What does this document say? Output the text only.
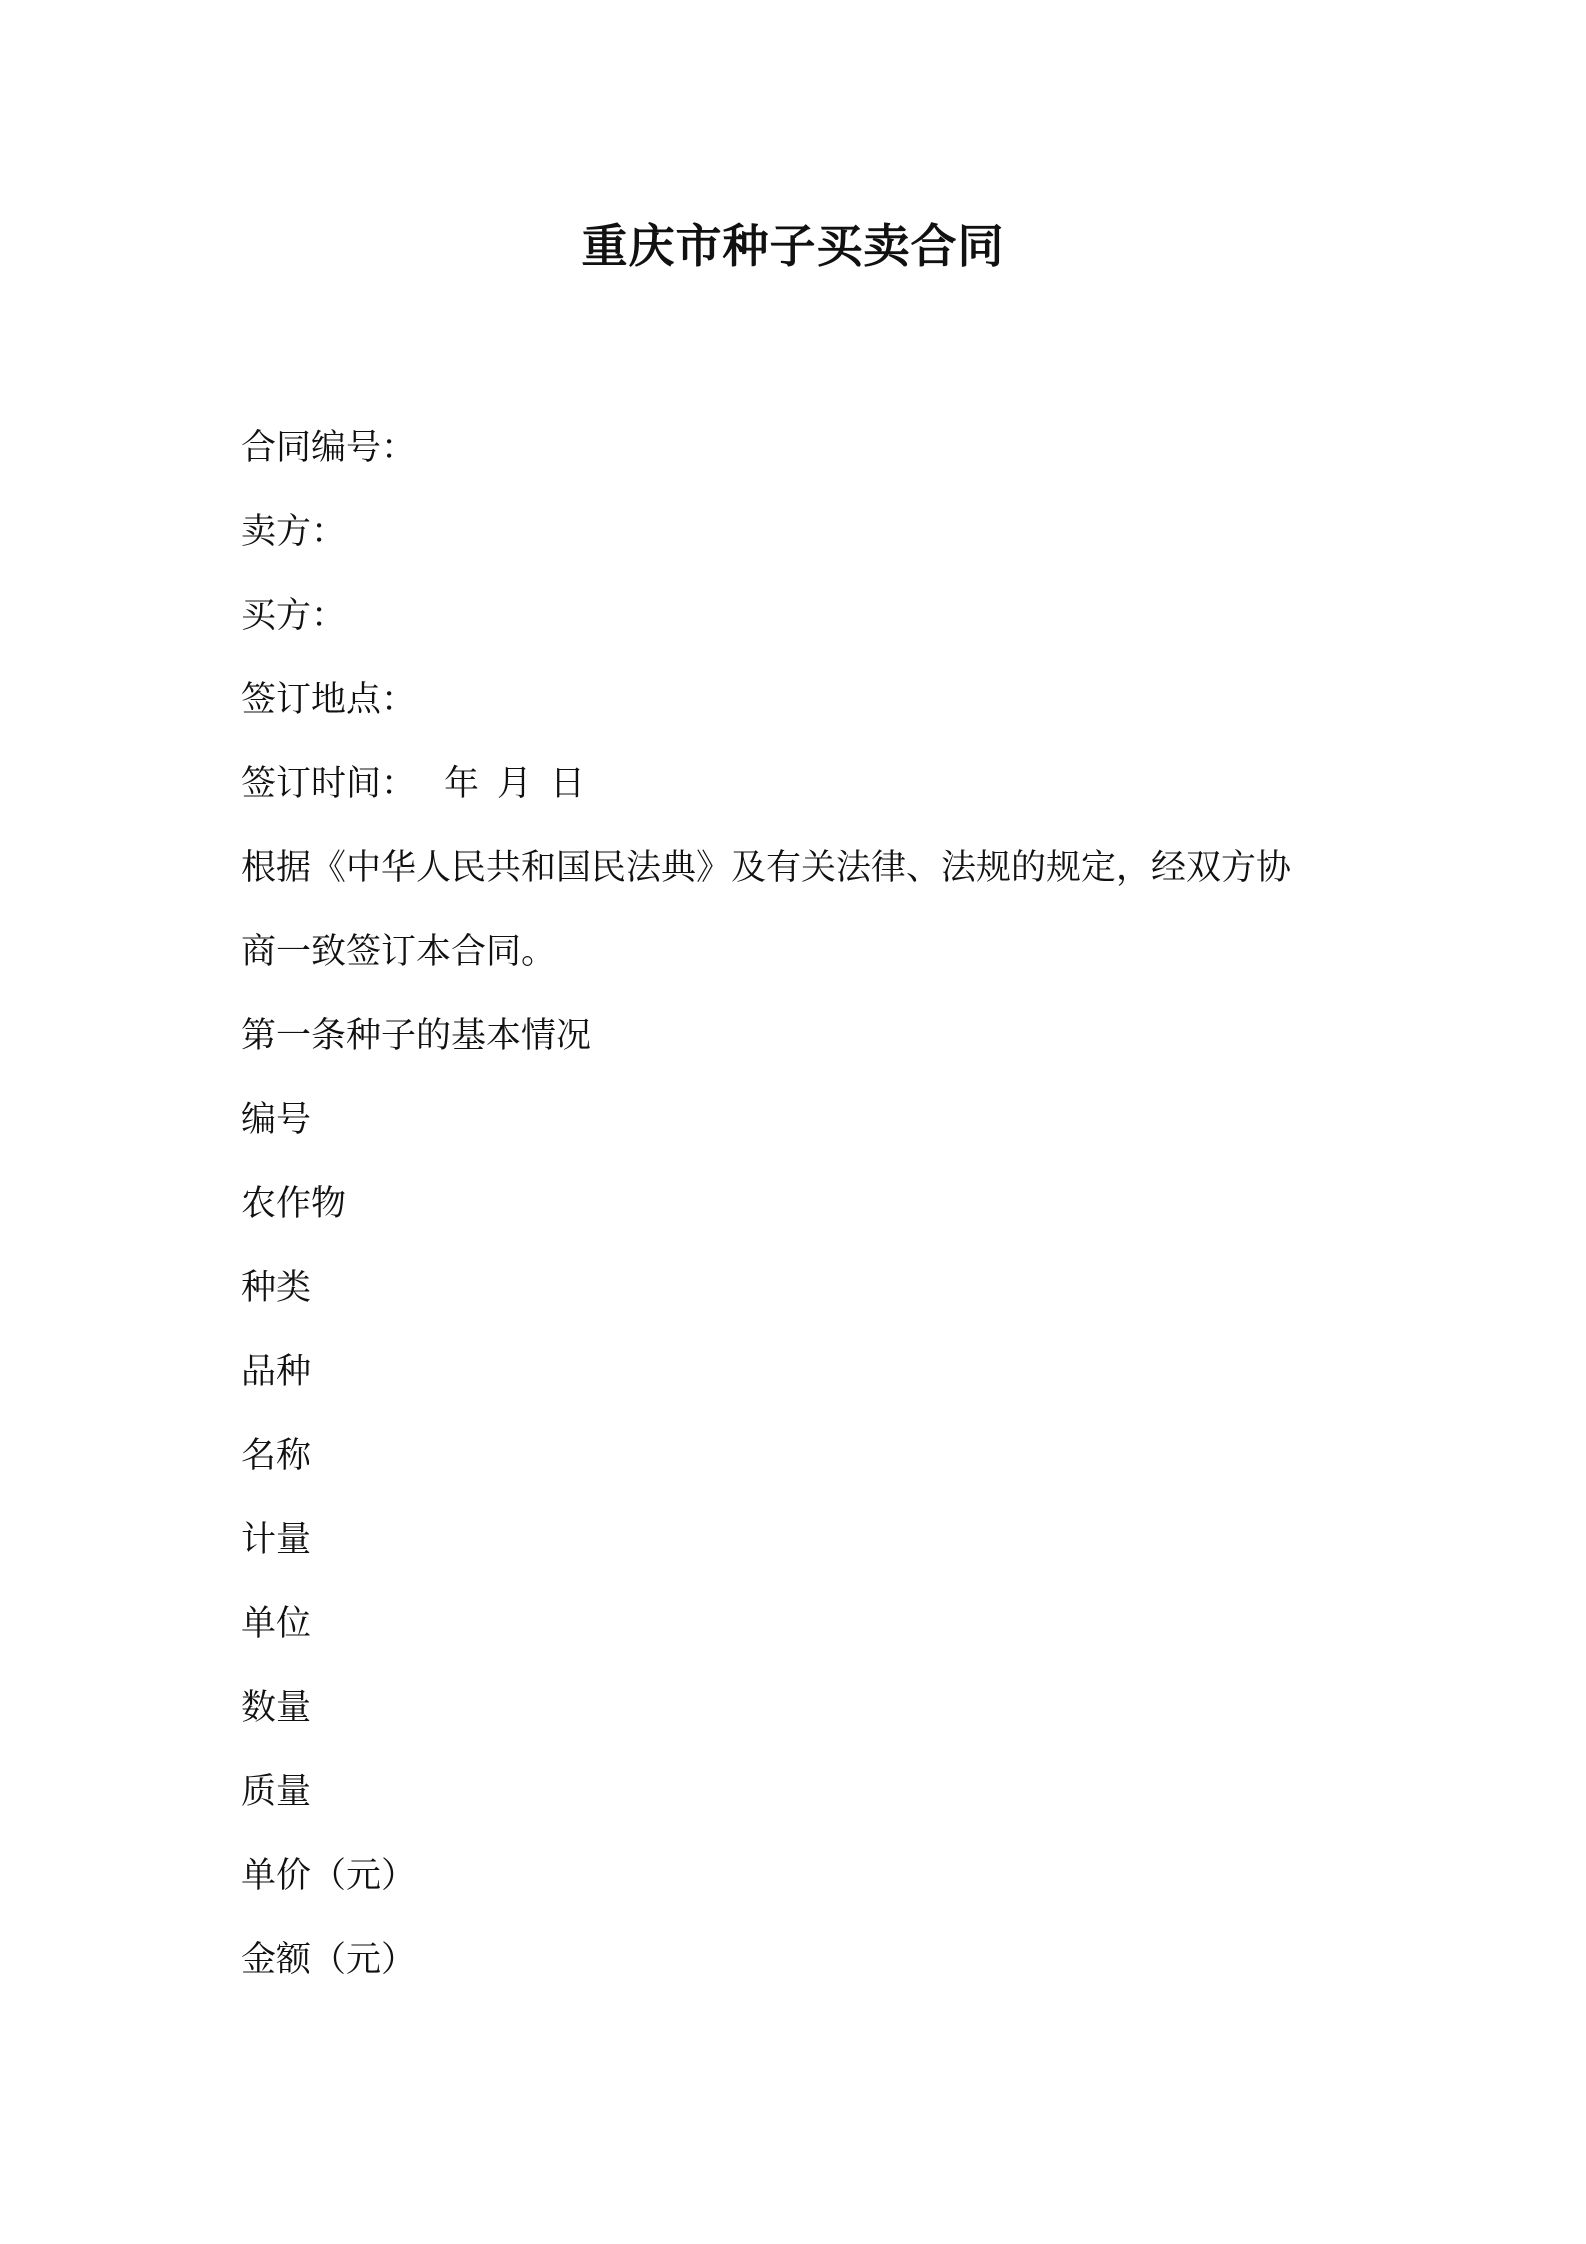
重庆市种子买卖合同

合同编号：

卖方：

买方：

签订地点：

签订时间： 年 月 日

根据《中华人民共和国民法典》及有关法律、法规的规定，经双方协

商一致签订本合同。

第一条种子的基本情况

编号

农作物

种类

品种

名称

计量

单位

数量

质量

单价（元）

金额（元）
